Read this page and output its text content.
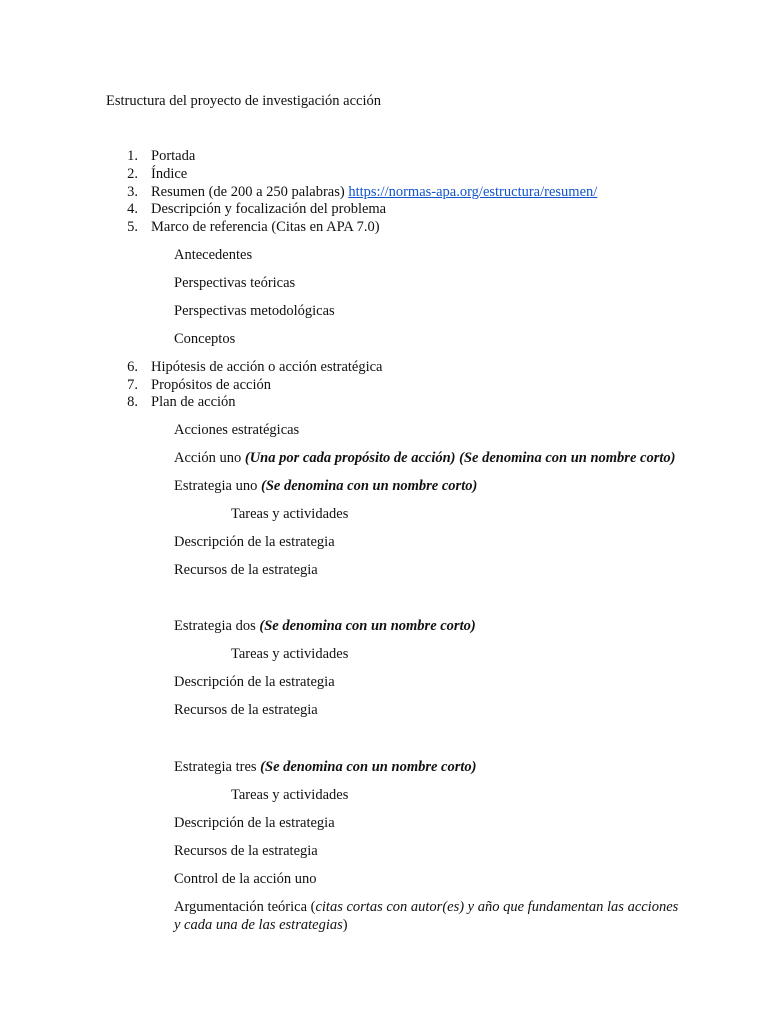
Estructura del proyecto de investigación acción
1. Portada
2. Índice
3. Resumen (de 200 a 250 palabras) https://normas-apa.org/estructura/resumen/
4. Descripción y focalización del problema
5. Marco de referencia (Citas en APA 7.0)
Antecedentes
Perspectivas teóricas
Perspectivas metodológicas
Conceptos
6. Hipótesis de acción o acción estratégica
7. Propósitos de acción
8. Plan de acción
Acciones estratégicas
Acción uno (Una por cada propósito de acción) (Se denomina con un nombre corto)
Estrategia uno (Se denomina con un nombre corto)
Tareas y actividades
Descripción de la estrategia
Recursos de la estrategia
Estrategia dos (Se denomina con un nombre corto)
Tareas y actividades
Descripción de la estrategia
Recursos de la estrategia
Estrategia tres (Se denomina con un nombre corto)
Tareas y actividades
Descripción de la estrategia
Recursos de la estrategia
Control de la acción uno
Argumentación teórica (citas cortas con autor(es) y año que fundamentan las acciones
y cada una de las estrategias)
